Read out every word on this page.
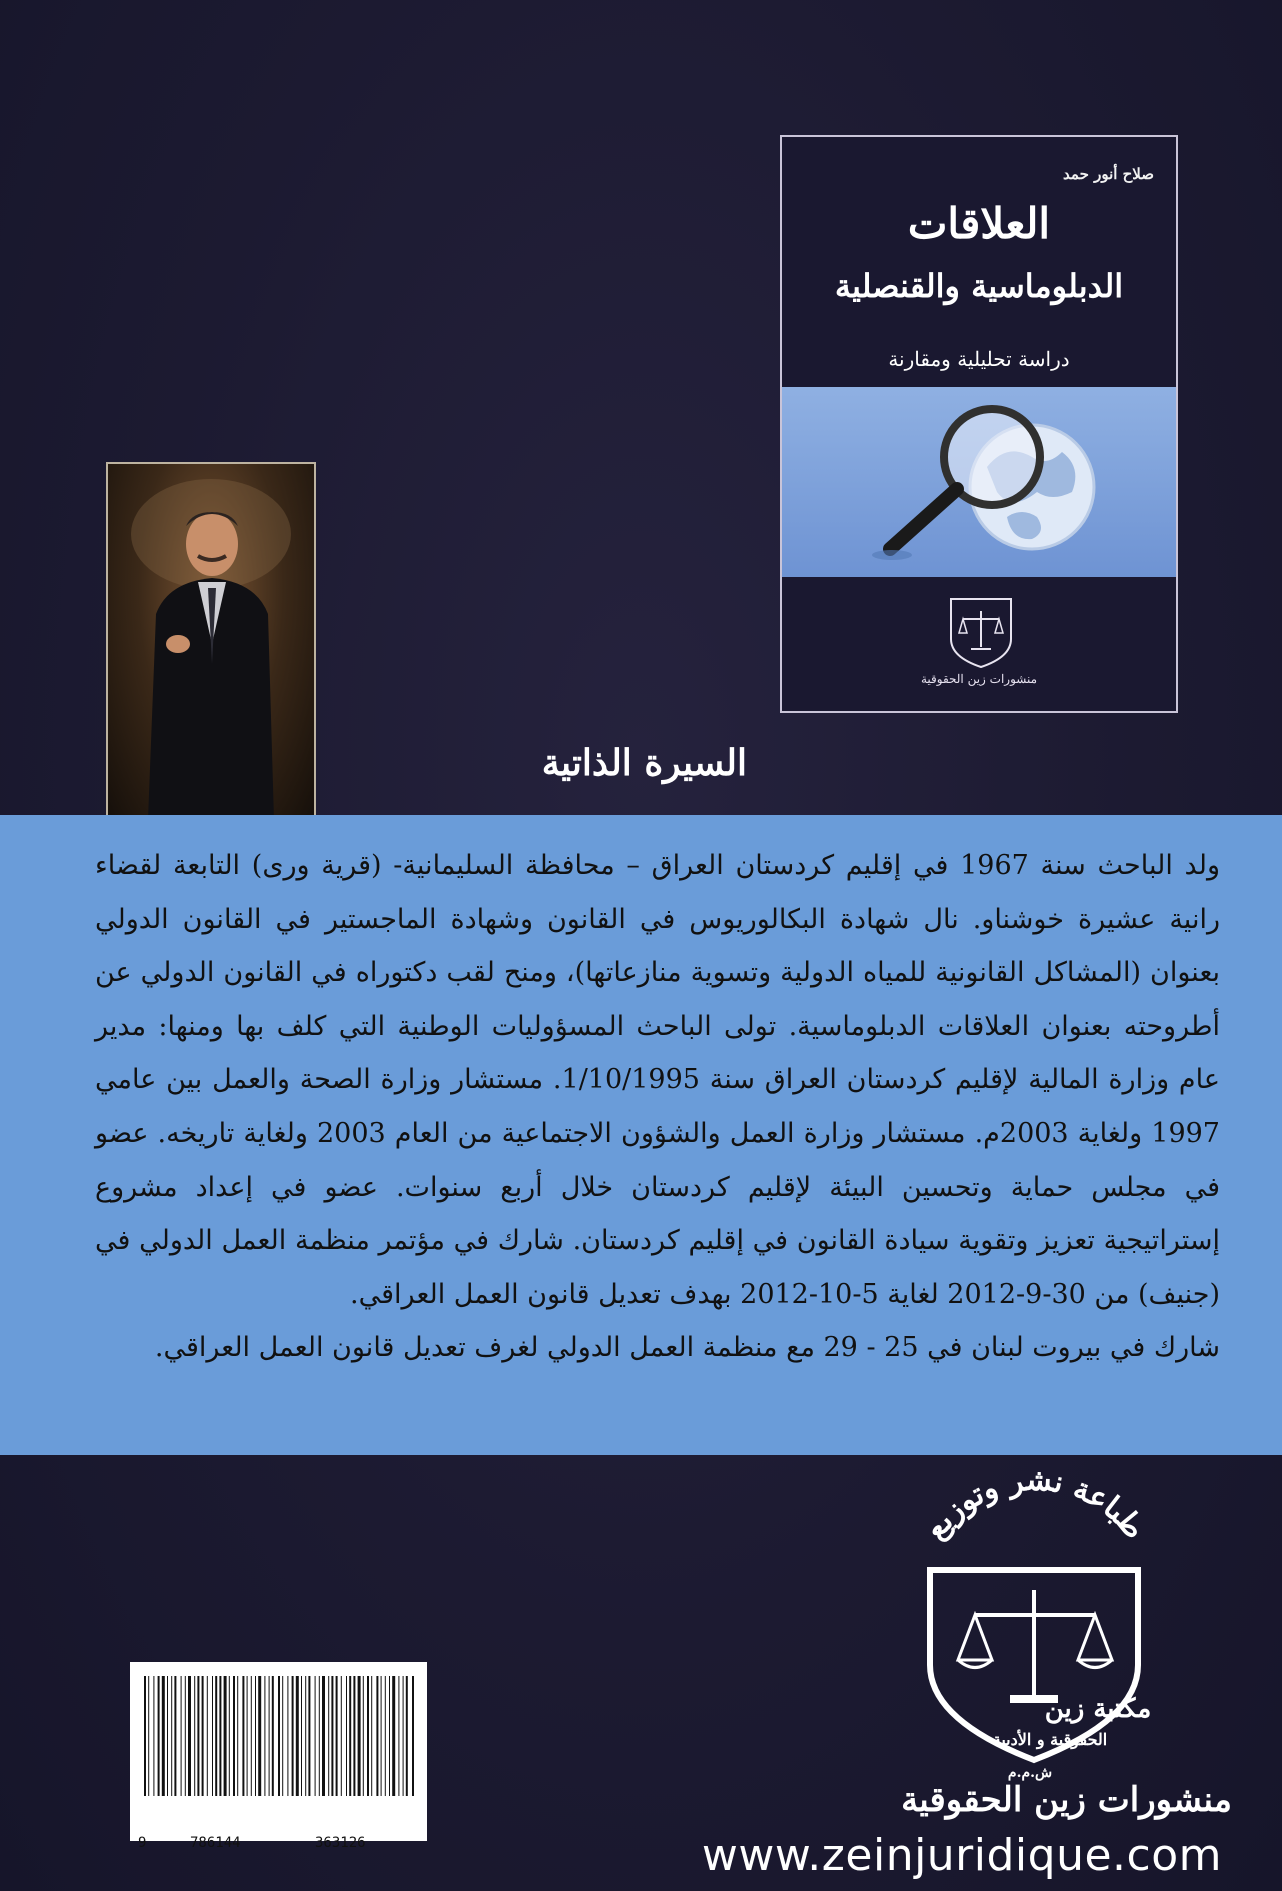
صلاح أنور حمد
العلاقات
الدبلوماسية والقنصلية
دراسة تحليلية ومقارنة
منشورات زين الحقوقية
السيرة الذاتية

ولد الباحث سنة 1967 في إقليم كردستان العراق – محافظة السليمانية- (قرية ورى) التابعة لقضاء رانية عشيرة خوشناو. نال شهادة البكالوريوس في القانون وشهادة الماجستير في القانون الدولي بعنوان (المشاكل القانونية للمياه الدولية وتسوية منازعاتها)، ومنح لقب دكتوراه في القانون الدولي عن أطروحته بعنوان العلاقات الدبلوماسية. تولى الباحث المسؤوليات الوطنية التي كلف بها ومنها: مدير عام وزارة المالية لإقليم كردستان العراق سنة 1/10/1995. مستشار وزارة الصحة والعمل بين عامي 1997 ولغاية 2003م. مستشار وزارة العمل والشؤون الاجتماعية من العام 2003 ولغاية تاريخه. عضو في مجلس حماية وتحسين البيئة لإقليم كردستان خلال أربع سنوات. عضو في إعداد مشروع إستراتيجية تعزيز وتقوية سيادة القانون في إقليم كردستان. شارك في مؤتمر منظمة العمل الدولي في (جنيف) من 30-9-2012 لغاية 5-10-2012 بهدف تعديل قانون العمل العراقي.

شارك في بيروت لبنان في 25 - 29 مع منظمة العمل الدولي لغرف تعديل قانون العمل العراقي.

9	786144	363126
طباعة نشر وتوزيع
مكتبة زين
الحقوقية و الأدبية
ش.م.م
منشورات زين الحقوقية
www.zeinjuridique.com
